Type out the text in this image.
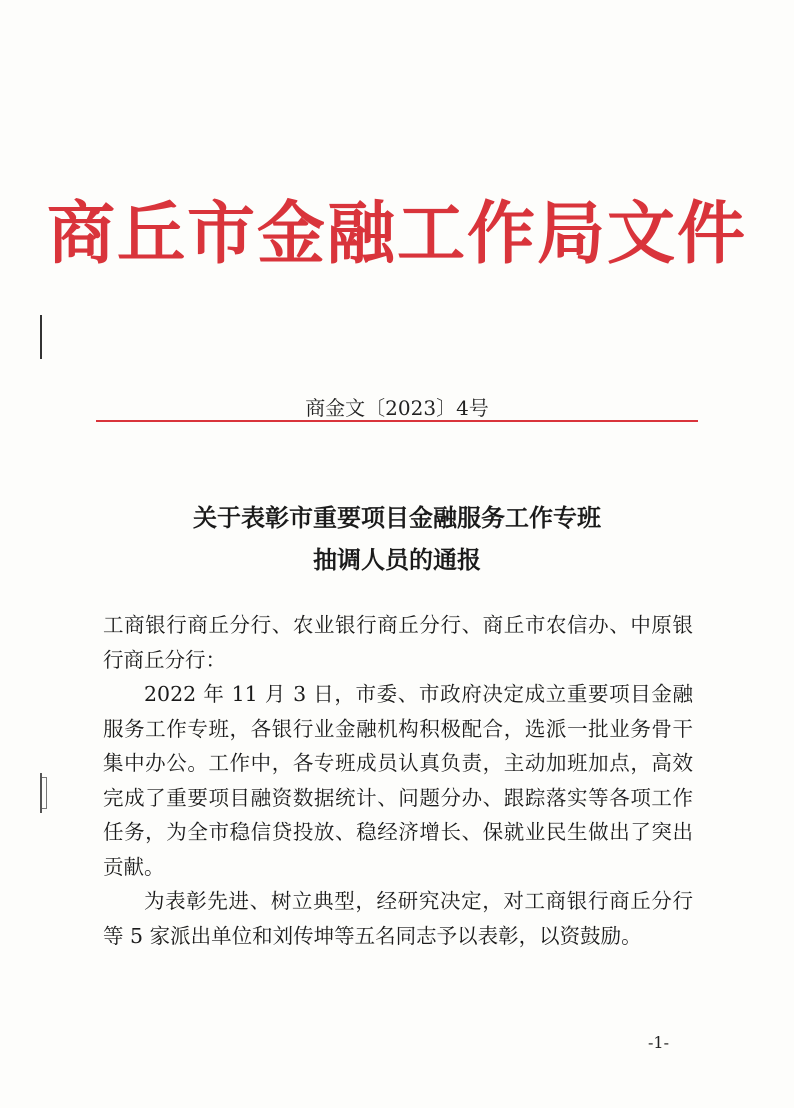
商丘市金融工作局文件
商金文〔2023〕4号
关于表彰市重要项目金融服务工作专班
抽调人员的通报

工商银行商丘分行、农业银行商丘分行、商丘市农信办、中原银行商丘分行：

2022 年 11 月 3 日，市委、市政府决定成立重要项目金融服务工作专班，各银行业金融机构积极配合，选派一批业务骨干集中办公。工作中，各专班成员认真负责，主动加班加点，高效完成了重要项目融资数据统计、问题分办、跟踪落实等各项工作任务，为全市稳信贷投放、稳经济增长、保就业民生做出了突出贡献。

为表彰先进、树立典型，经研究决定，对工商银行商丘分行等 5 家派出单位和刘传坤等五名同志予以表彰，以资鼓励。

-1-
